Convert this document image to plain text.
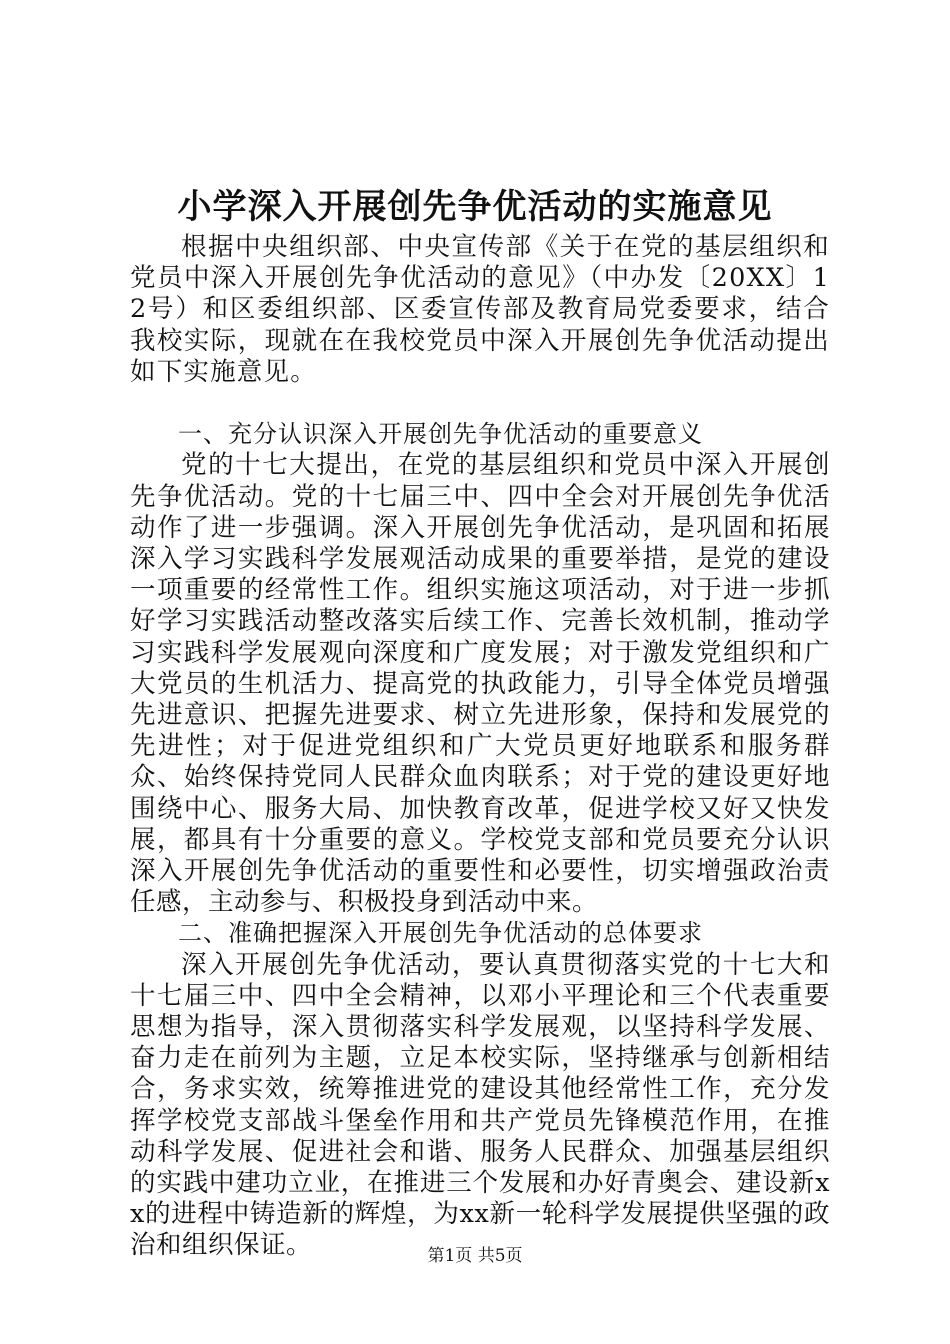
小学深入开展创先争优活动的实施意见

根据中央组织部、中央宣传部《关于在党的基层组织和党员中深入开展创先争优活动的意见》（中办发〔20XX〕12号）和区委组织部、区委宣传部及教育局党委要求，结合我校实际，现就在在我校党员中深入开展创先争优活动提出如下实施意见。

一、充分认识深入开展创先争优活动的重要意义

党的十七大提出，在党的基层组织和党员中深入开展创先争优活动。党的十七届三中、四中全会对开展创先争优活动作了进一步强调。深入开展创先争优活动，是巩固和拓展深入学习实践科学发展观活动成果的重要举措，是党的建设一项重要的经常性工作。组织实施这项活动，对于进一步抓好学习实践活动整改落实后续工作、完善长效机制，推动学习实践科学发展观向深度和广度发展；对于激发党组织和广大党员的生机活力、提高党的执政能力，引导全体党员增强先进意识、把握先进要求、树立先进形象，保持和发展党的先进性；对于促进党组织和广大党员更好地联系和服务群众、始终保持党同人民群众血肉联系；对于党的建设更好地围绕中心、服务大局、加快教育改革，促进学校又好又快发展，都具有十分重要的意义。学校党支部和党员要充分认识深入开展创先争优活动的重要性和必要性，切实增强政治责任感，主动参与、积极投身到活动中来。

二、准确把握深入开展创先争优活动的总体要求

深入开展创先争优活动，要认真贯彻落实党的十七大和十七届三中、四中全会精神，以邓小平理论和三个代表重要思想为指导，深入贯彻落实科学发展观，以坚持科学发展、奋力走在前列为主题，立足本校实际，坚持继承与创新相结合，务求实效，统筹推进党的建设其他经常性工作，充分发挥学校党支部战斗堡垒作用和共产党员先锋模范作用，在推动科学发展、促进社会和谐、服务人民群众、加强基层组织的实践中建功立业，在推进三个发展和办好青奥会、建设新xx的进程中铸造新的辉煌，为xx新一轮科学发展提供坚强的政治和组织保证。	第1页 共5页
